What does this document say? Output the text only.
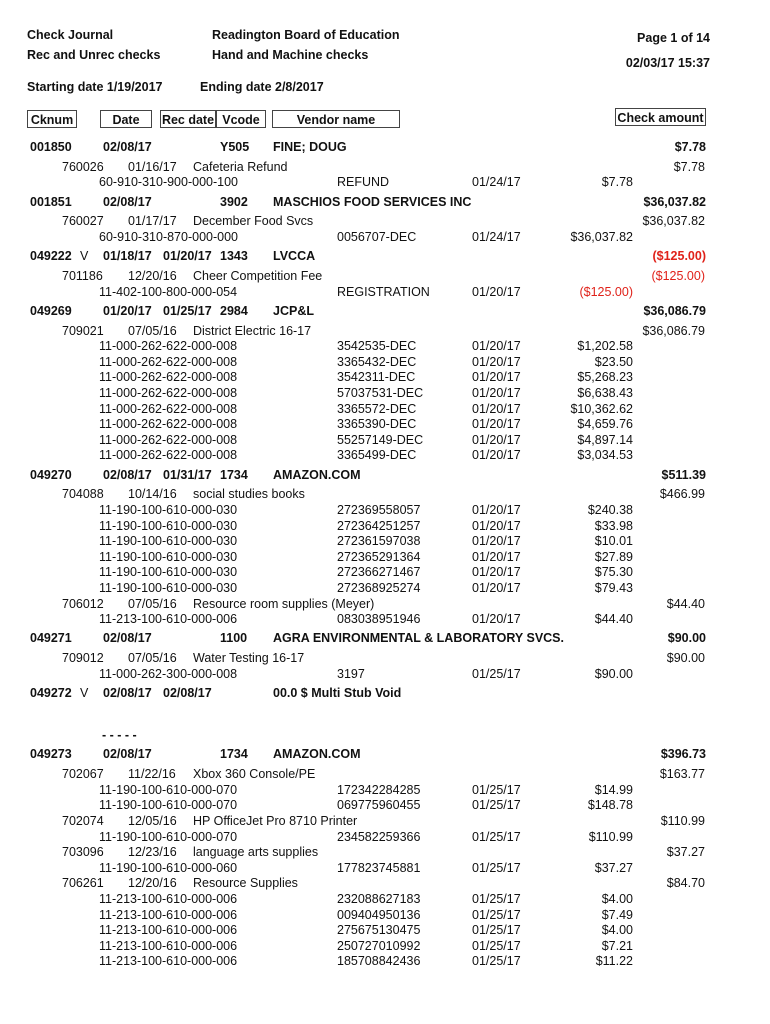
Check Journal
Rec and Unrec checks
Readington Board of Education
Hand and Machine checks
Page 1 of 14
02/03/17 15:37
Starting date 1/19/2017	Ending date 2/8/2017
Cknum	Date	Rec date Vcode	Vendor name	Check amount
001850	02/08/17	Y505 FINE; DOUG	$7.78
760026 01/16/17 Cafeteria Refund	$7.78
60-910-310-900-000-100	REFUND	01/24/17	$7.78
001851	02/08/17	3902 MASCHIOS FOOD SERVICES INC	$36,037.82
760027 01/17/17 December Food Svcs	$36,037.82
60-910-310-870-000-000	0056707-DEC	01/24/17	$36,037.82
049222 V 01/18/17 01/20/17 1343 LVCCA	($125.00)
701186 12/20/16 Cheer Competition Fee	($125.00)
11-402-100-800-000-054	REGISTRATION	01/20/17	($125.00)
049269	01/20/17 01/25/17 2984 JCP&L	$36,086.79
709021 07/05/16 District Electric 16-17	$36,086.79
11-000-262-622-000-008	3542535-DEC	01/20/17	$1,202.58
11-000-262-622-000-008	3365432-DEC	01/20/17	$23.50
11-000-262-622-000-008	3542311-DEC	01/20/17	$5,268.23
11-000-262-622-000-008	57037531-DEC	01/20/17	$6,638.43
11-000-262-622-000-008	3365572-DEC	01/20/17	$10,362.62
11-000-262-622-000-008	3365390-DEC	01/20/17	$4,659.76
11-000-262-622-000-008	55257149-DEC	01/20/17	$4,897.14
11-000-262-622-000-008	3365499-DEC	01/20/17	$3,034.53
049270	02/08/17 01/31/17 1734 AMAZON.COM	$511.39
704088 10/14/16 social studies books	$466.99
11-190-100-610-000-030	272369558057	01/20/17	$240.38
11-190-100-610-000-030	272364251257	01/20/17	$33.98
11-190-100-610-000-030	272361597038	01/20/17	$10.01
11-190-100-610-000-030	272365291364	01/20/17	$27.89
11-190-100-610-000-030	272366271467	01/20/17	$75.30
11-190-100-610-000-030	272368925274	01/20/17	$79.43
706012 07/05/16 Resource room supplies (Meyer)	$44.40
11-213-100-610-000-006	083038951946	01/20/17	$44.40
049271	02/08/17	1100 AGRA ENVIRONMENTAL & LABORATORY SVCS.	$90.00
709012 07/05/16 Water Testing 16-17	$90.00
11-000-262-300-000-008	3197	01/25/17	$90.00
049272 V 02/08/17 02/08/17	00.0 $ Multi Stub Void
- - - - -
049273	02/08/17	1734 AMAZON.COM	$396.73
702067 11/22/16 Xbox 360 Console/PE	$163.77
11-190-100-610-000-070	172342284285	01/25/17	$14.99
11-190-100-610-000-070	069775960455	01/25/17	$148.78
702074 12/05/16 HP OfficeJet Pro 8710 Printer	$110.99
11-190-100-610-000-070	234582259366	01/25/17	$110.99
703096 12/23/16 language arts supplies	$37.27
11-190-100-610-000-060	177823745881	01/25/17	$37.27
706261 12/20/16 Resource Supplies	$84.70
11-213-100-610-000-006	232088627183	01/25/17	$4.00
11-213-100-610-000-006	009404950136	01/25/17	$7.49
11-213-100-610-000-006	275675130475	01/25/17	$4.00
11-213-100-610-000-006	250727010992	01/25/17	$7.21
11-213-100-610-000-006	185708842436	01/25/17	$11.22
